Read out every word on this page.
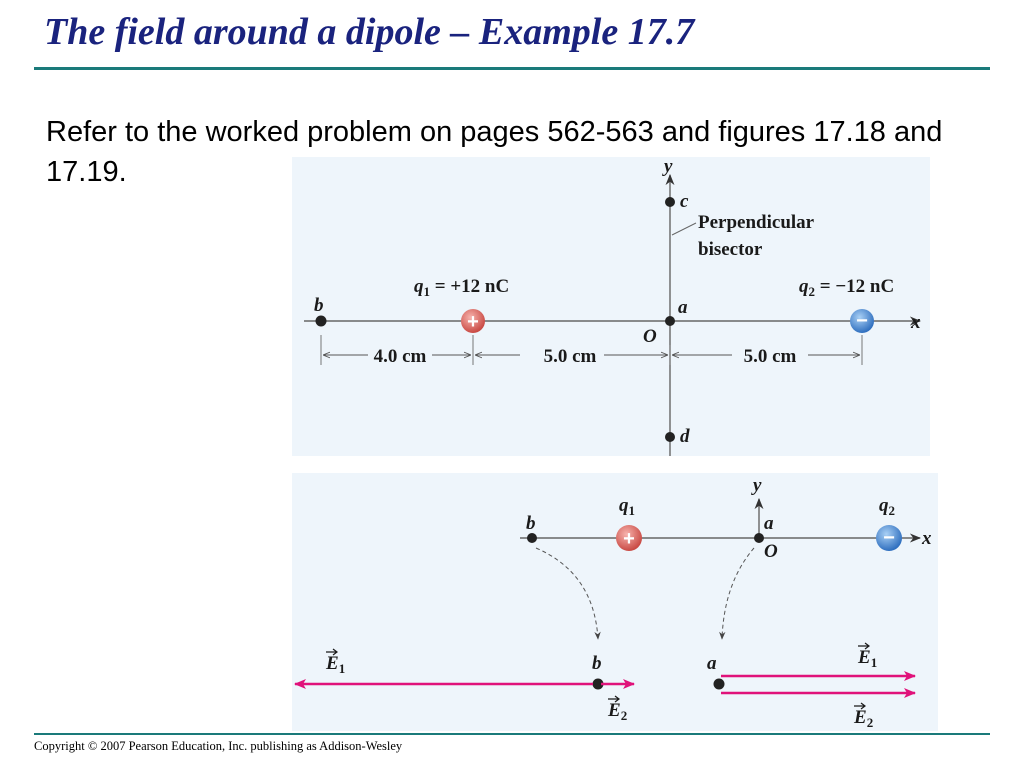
The field around a dipole – Example 17.7
Refer to the worked problem on pages 562-563 and figures 17.18 and 17.19.
x
y
c
a
O
d
b
Perpendicular
bisector
+	−
$q_1 = +12$ nC	$q_2 = -12$ nC
4.0 cm	5.0 cm	5.0 cm
x
y
a
O
b
+	−
$q_1$	$q_2$
b
$E_1$
$E_2$
a	$E_1$
$E_2$
Copyright © 2007 Pearson Education, Inc. publishing as Addison-Wesley
